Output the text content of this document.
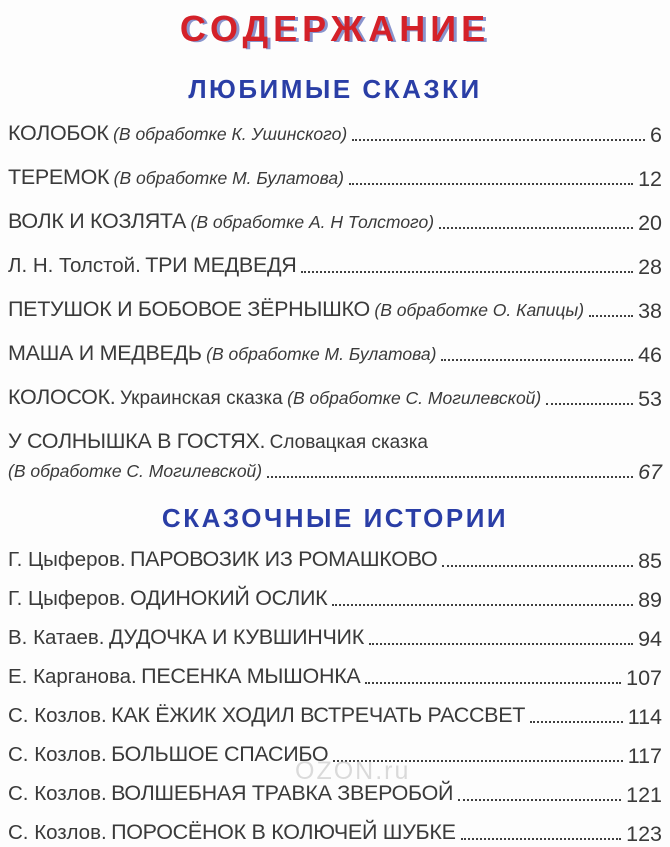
СОДЕРЖАНИЕ
ЛЮБИМЫЕ СКАЗКИ
КОЛОБОК (В обработке К. Ушинского)	6
ТЕРЕМОК (В обработке М. Булатова)	12
ВОЛК И КОЗЛЯТА (В обработке А. Н Толстого)	20
Л. Н. Толстой. ТРИ МЕДВЕДЯ	28
ПЕТУШОК И БОБОВОЕ ЗЁРНЫШКО (В обработке О. Капицы)	38
МАША И МЕДВЕДЬ (В обработке М. Булатова)	46
КОЛОСОК. Украинская сказка (В обработке С. Могилевской)	53
У СОЛНЫШКА В ГОСТЯХ. Словацкая сказка
(В обработке С. Могилевской)	67
СКАЗОЧНЫЕ ИСТОРИИ
Г. Цыферов. ПАРОВОЗИК ИЗ РОМАШКОВО	85
Г. Цыферов. ОДИНОКИЙ ОСЛИК	89
В. Катаев. ДУДОЧКА И КУВШИНЧИК	94
Е. Карганова. ПЕСЕНКА МЫШОНКА	107
С. Козлов. КАК ЁЖИК ХОДИЛ ВСТРЕЧАТЬ РАССВЕТ	114
С. Козлов. БОЛЬШОЕ СПАСИБО	117
С. Козлов. ВОЛШЕБНАЯ ТРАВКА ЗВЕРОБОЙ	121
С. Козлов. ПОРОСЁНОК В КОЛЮЧЕЙ ШУБКЕ	123
OZON.ru
